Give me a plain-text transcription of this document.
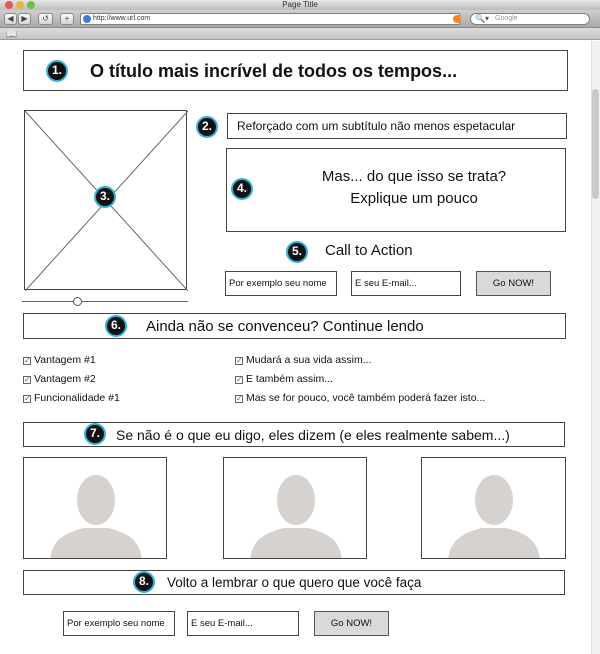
Page Title
◀ ▶	↺	+	http://www.url.com	🔍▾ Google
📖
O título mais incrível de todos os tempos...
1.
3.
Reforçado com um subtítulo não menos espetacular
2.
Mas... do que isso se trata?
Explique um pouco
4.
5.	Call to Action
Por exemplo seu nome	E seu E-mail...	Go NOW!
Ainda não se convenceu? Continue lendo
6.
✓ Vantagem #1
✓ Vantagem #2
✓ Funcionalidade #1
✓ Mudará a sua vida assim...
✓ E também assim...
✓ Mas se for pouco, você também poderá fazer isto...
Se não é o que eu digo, eles dizem (e eles realmente sabem...)
7.
Volto a lembrar o que quero que você faça
8.
Por exemplo seu nome	E seu E-mail...	Go NOW!
